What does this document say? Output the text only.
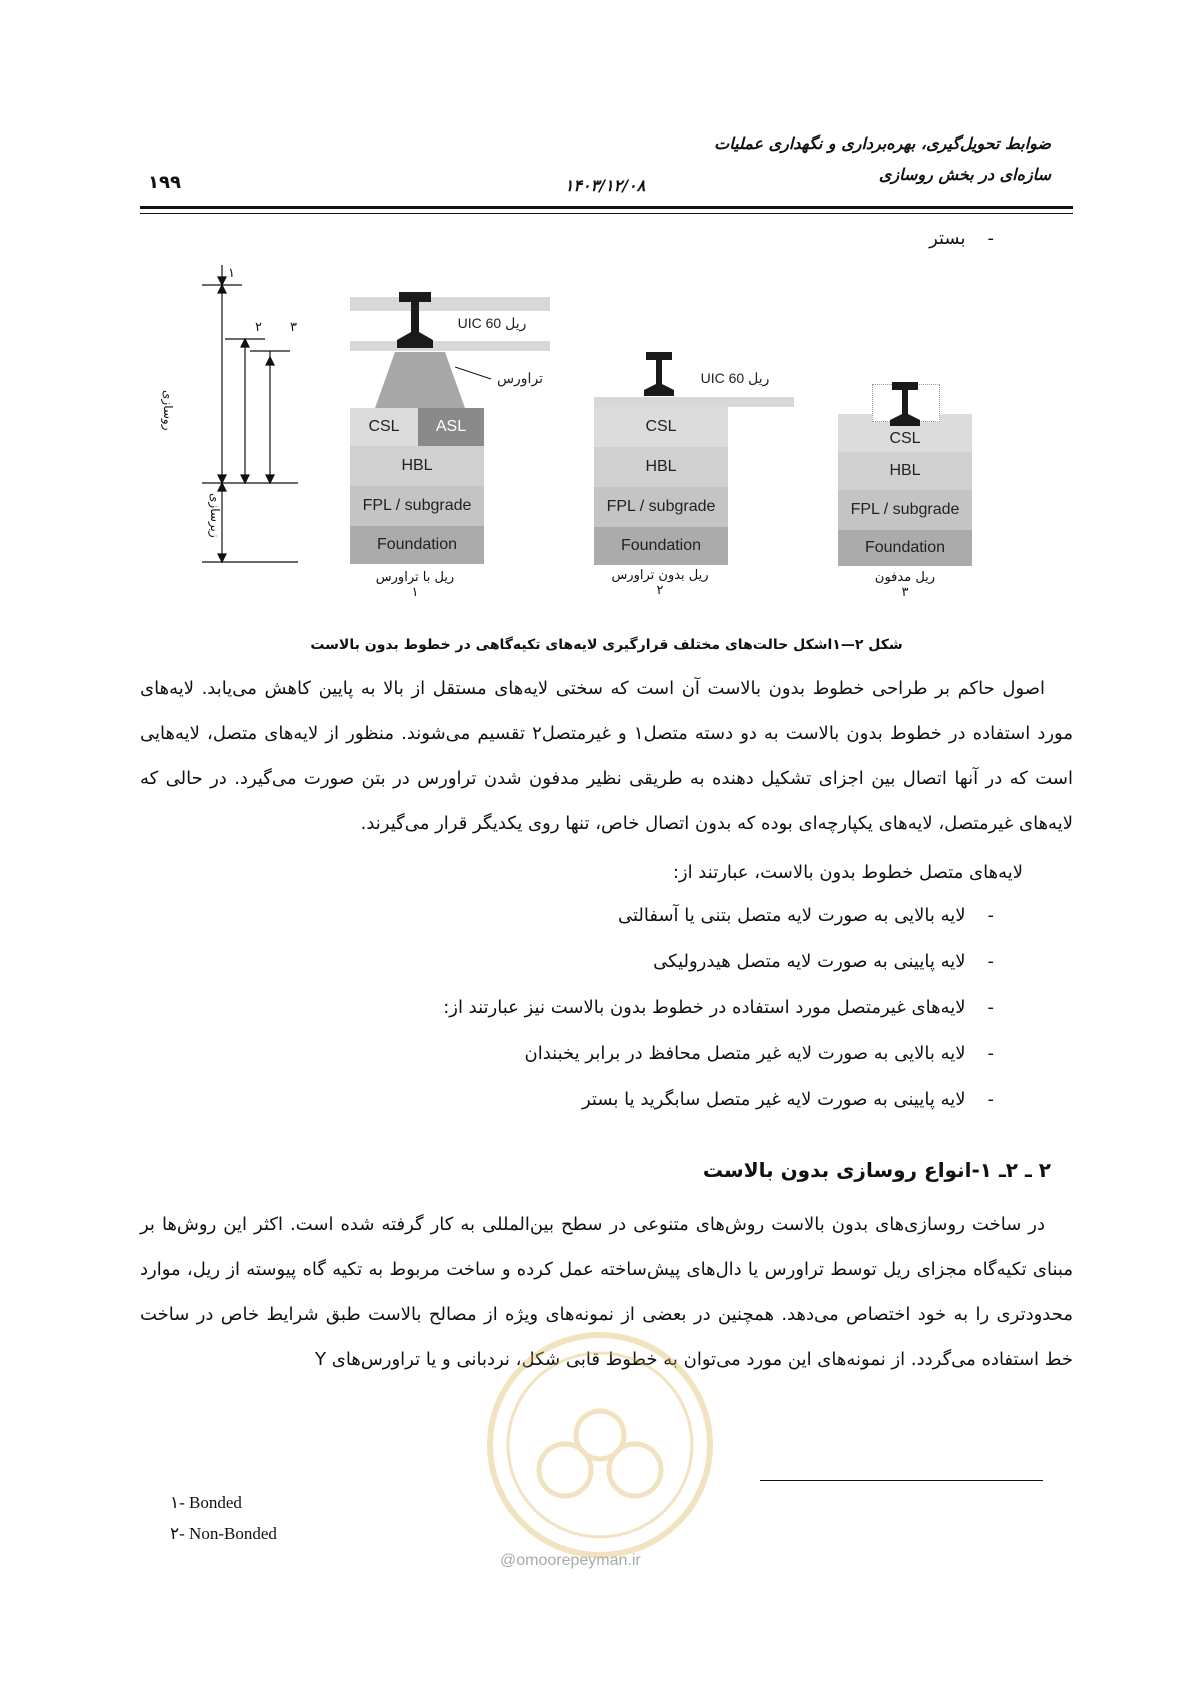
ضوابط تحویل‌گیری، بهره‌برداری و نگهداری عملیات
سازه‌ای در بخش روسازی
۱۴۰۳/۱۲/۰۸
۱۹۹
-بستر
۱
۲ ۳
روسازی
زیرسازی
ریل UIC 60
تراورس
CSL	ASL
HBL
FPL / subgrade
Foundation
ریل UIC 60
CSL
HBL
FPL / subgrade
Foundation
CSL
HBL
FPL / subgrade
Foundation
ریل با تراورس
۱
ریل بدون تراورس
۲
ریل مدفون
۳
شکل ۲—۱اشکل حالت‌های مختلف قرارگیری لایه‌های تکیه‌گاهی در خطوط بدون بالاست
اصول حاکم بر طراحی خطوط بدون بالاست آن است که سختی لایه‌های مستقل از بالا به پایین کاهش می‌یابد. لایه‌های مورد استفاده در خطوط بدون بالاست به دو دسته متصل۱ و غیرمتصل۲ تقسیم می‌شوند. منظور از لایه‌های متصل، لایه‌هایی است که در آنها اتصال بین اجزای تشکیل دهنده به طریقی نظیر مدفون شدن تراورس در بتن صورت می‌گیرد. در حالی که لایه‌های غیرمتصل، لایه‌های یکپارچه‌ای بوده که بدون اتصال خاص، تنها روی یکدیگر قرار می‌گیرند.
لایه‌های متصل خطوط بدون بالاست، عبارتند از:
-لایه بالایی به صورت لایه متصل بتنی یا آسفالتی
-لایه پایینی به صورت لایه متصل هیدرولیکی
-لایه‌های غیرمتصل مورد استفاده در خطوط بدون بالاست نیز عبارتند از:
-لایه بالایی به صورت لایه غیر متصل محافظ در برابر یخبندان
-لایه پایینی به صورت لایه غیر متصل سابگرید یا بستر
۲ ـ ۲ـ ۱-انواع روسازی بدون بالاست
در ساخت روسازی‌های بدون بالاست روش‌های متنوعی در سطح بین‌المللی به کار گرفته شده است. اکثر این روش‌ها بر مبنای تکیه‌گاه مجزای ریل توسط تراورس یا دال‌های پیش‌ساخته عمل کرده و ساخت مربوط به تکیه گاه پیوسته از ریل، موارد محدودتری را به خود اختصاص می‌دهد. همچنین در بعضی از نمونه‌های ویژه از مصالح بالاست طبق شرایط خاص در ساخت خط استفاده می‌گردد. از نمونه‌های این مورد می‌توان به خطوط قابی شکل، نردبانی و یا تراورس‌های Y
@omoorepeyman.ir
۱- Bonded
۲- Non-Bonded
